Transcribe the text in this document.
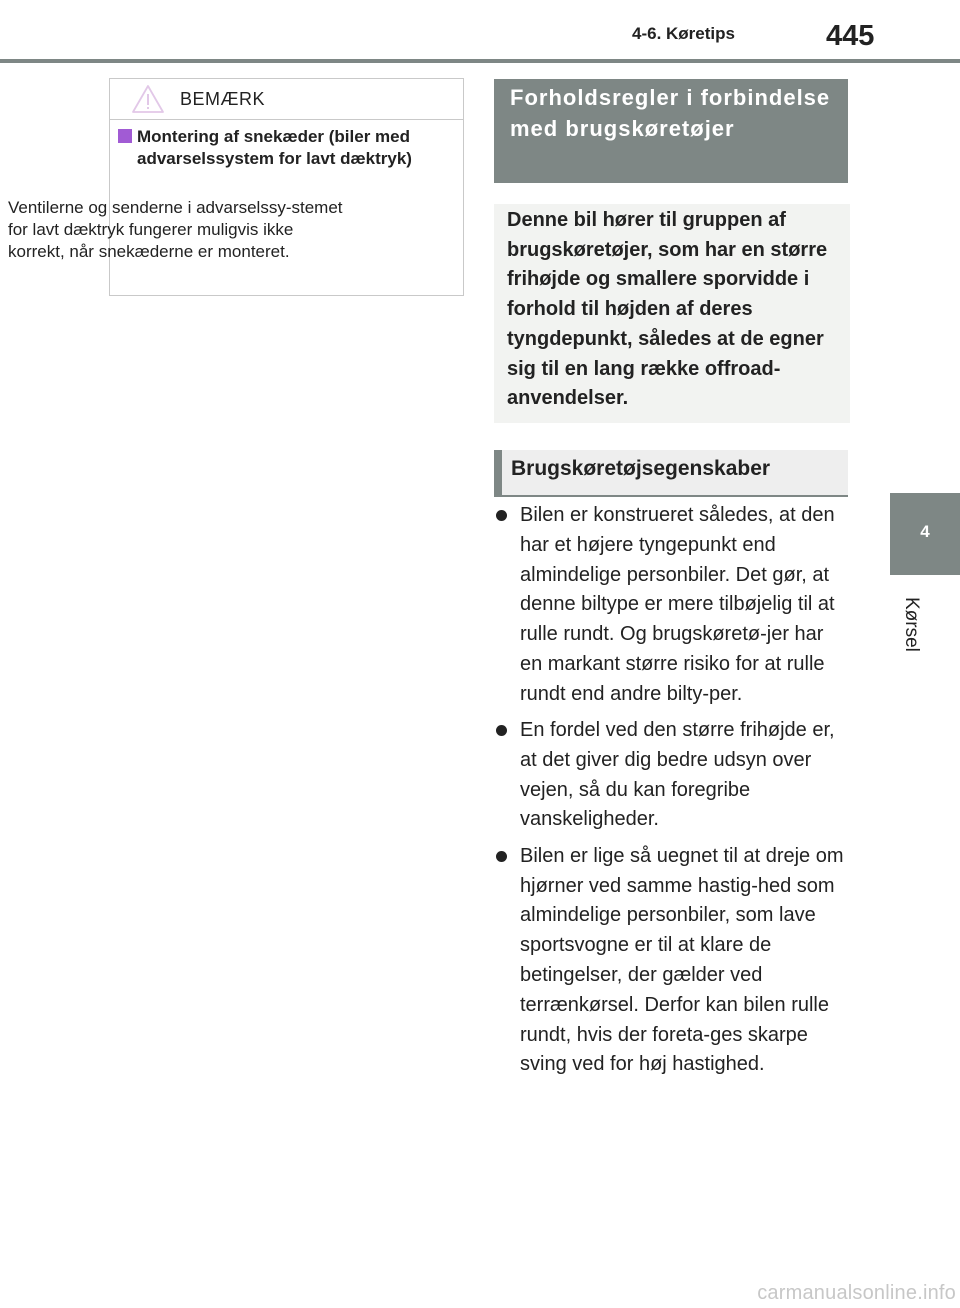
4-6. Køretips	445
4
Kørsel
BEMÆRK

Montering af snekæder (biler med advarselssystem for lavt dæktryk)

Ventilerne og senderne i advarselssy-stemet for lavt dæktryk fungerer muligvis ikke korrekt, når snekæderne er monteret.

Forholdsregler i forbindelse med brugskøretøjer

Denne bil hører til gruppen af brugskøretøjer, som har en større frihøjde og smallere sporvidde i forhold til højden af deres tyngdepunkt, således at de egner sig til en lang række offroad-anvendelser.

Brugskøretøjsegenskaber
Bilen er konstrueret således, at den har et højere tyngepunkt end almindelige personbiler. Det gør, at denne biltype er mere tilbøjelig til at rulle rundt. Og brugskøretø-jer har en markant større risiko for at rulle rundt end andre bilty-per.
En fordel ved den større frihøjde er, at det giver dig bedre udsyn over vejen, så du kan foregribe vanskeligheder.
Bilen er lige så uegnet til at dreje om hjørner ved samme hastig-hed som almindelige personbiler, som lave sportsvogne er til at klare de betingelser, der gælder ved terrænkørsel. Derfor kan bilen rulle rundt, hvis der foreta-ges skarpe sving ved for høj hastighed.
carmanualsonline.info
